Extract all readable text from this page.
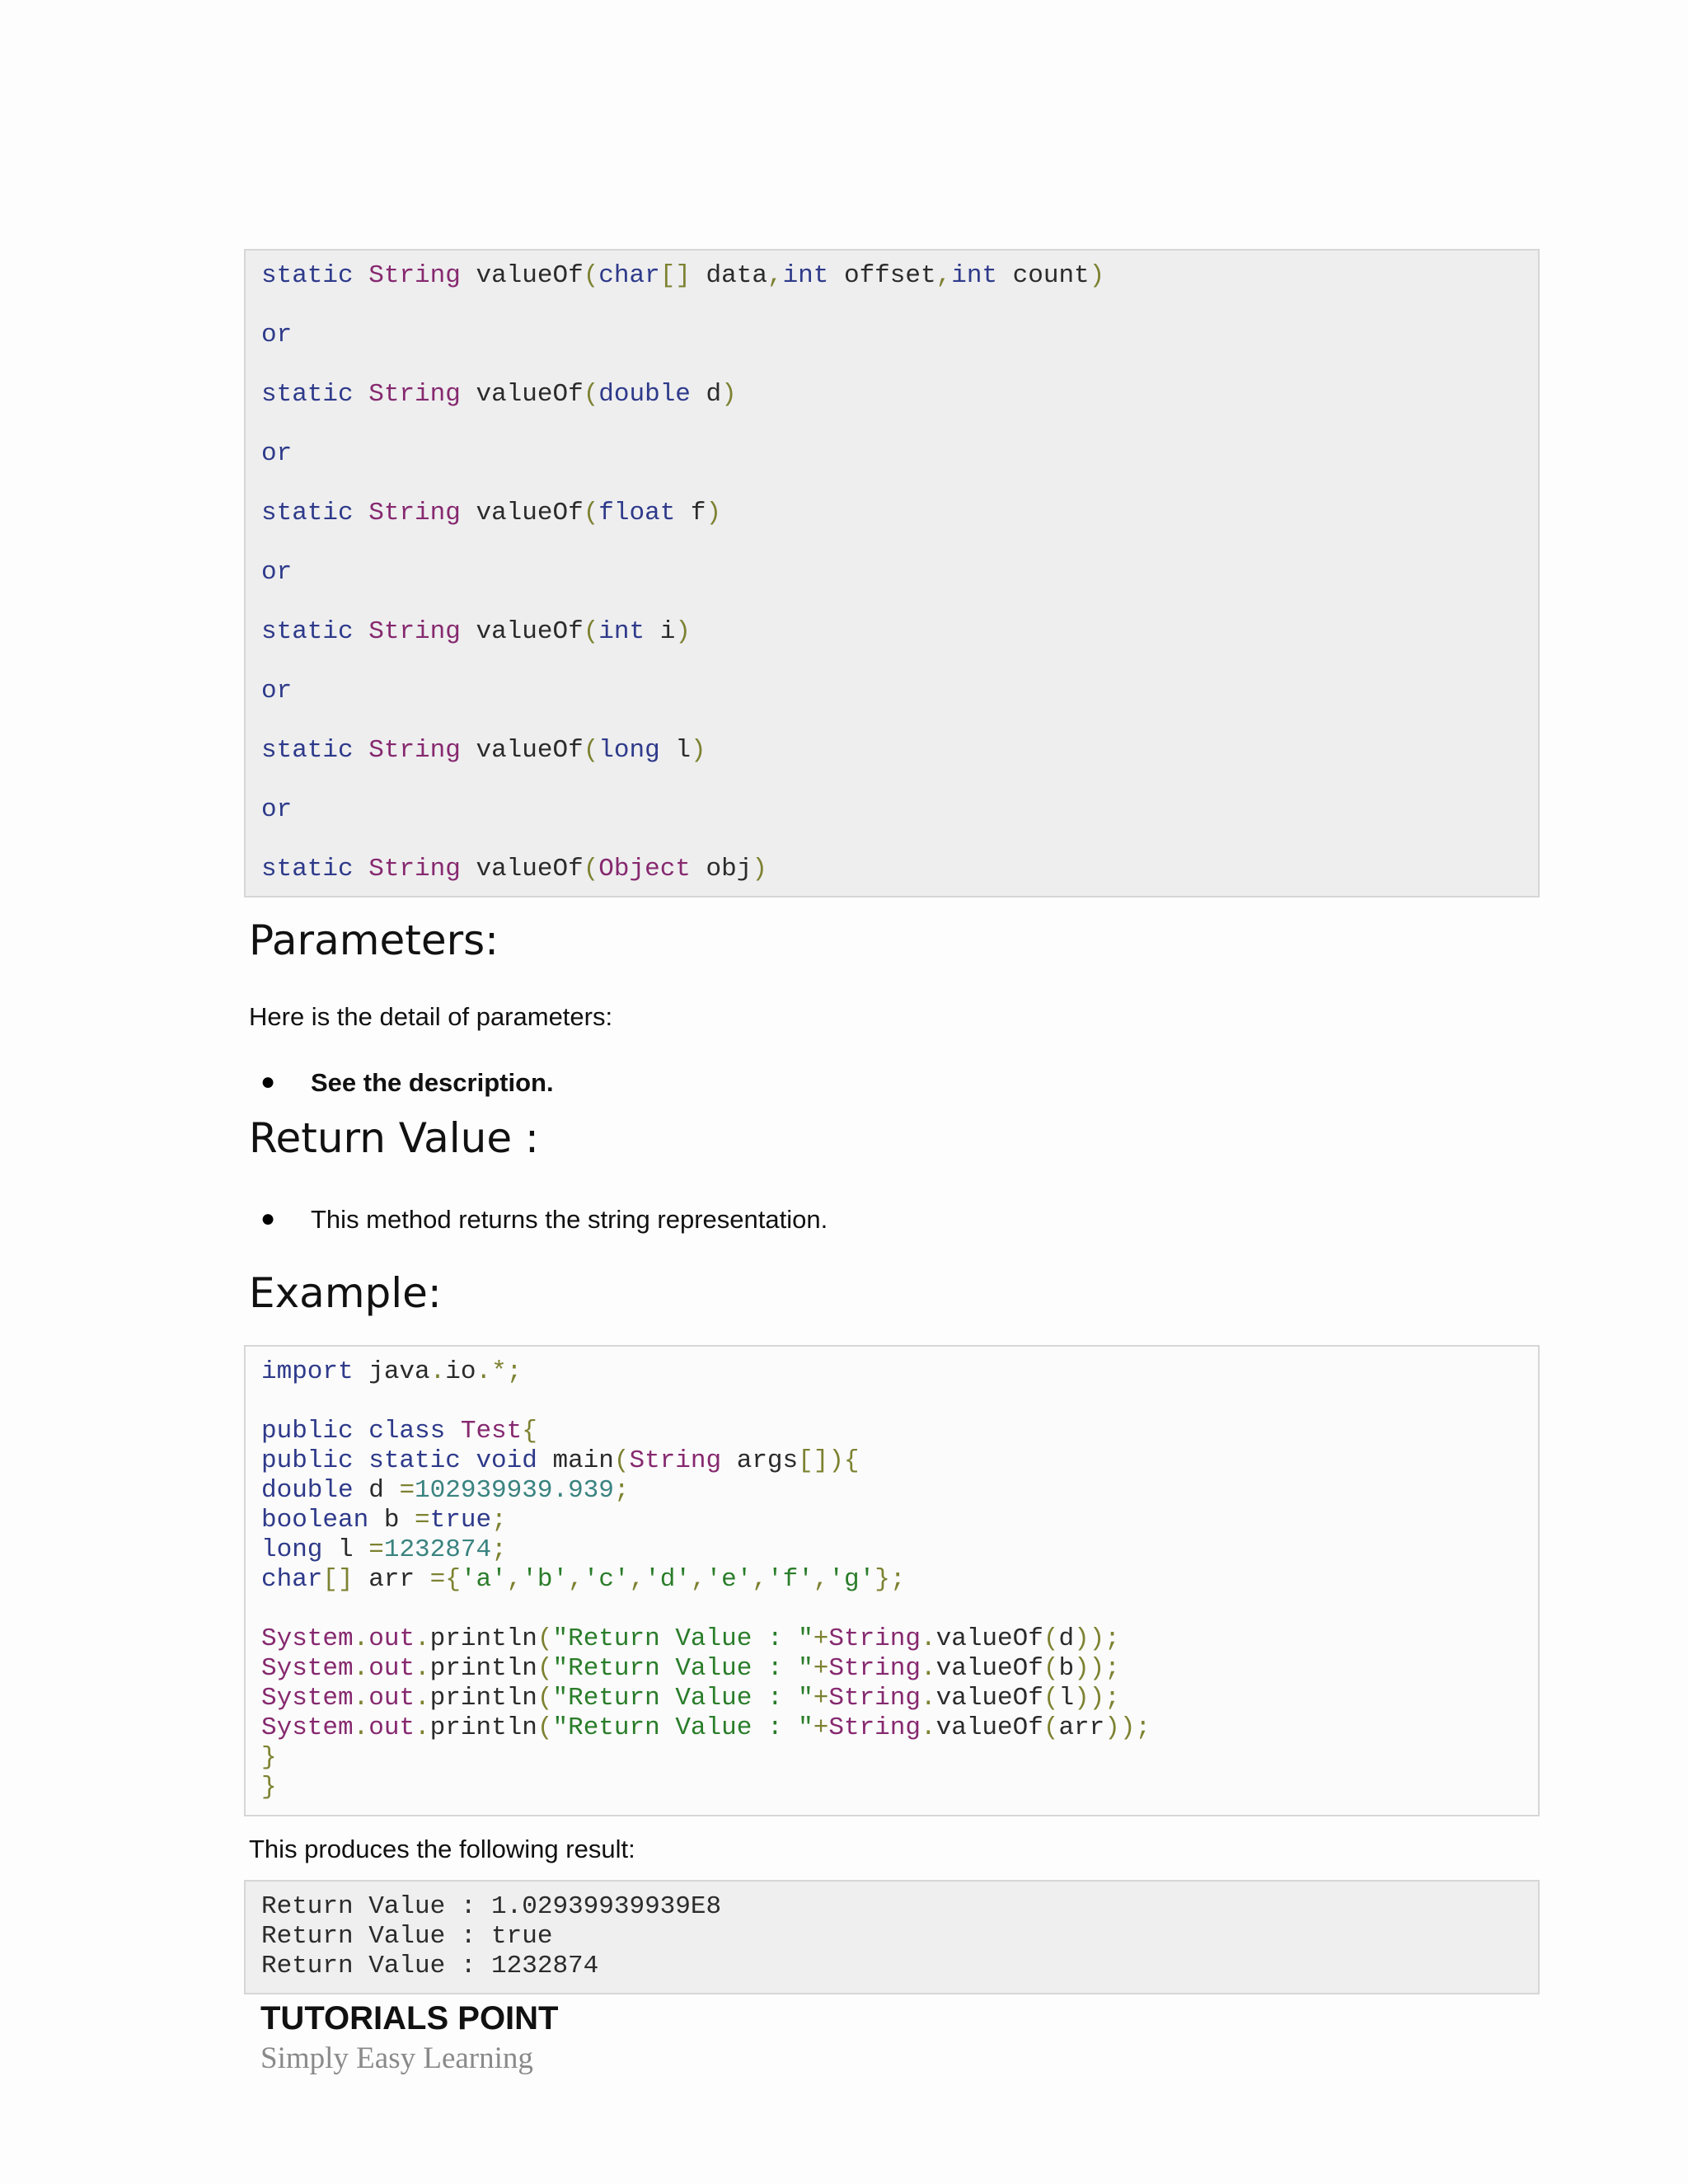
static String valueOf(char[] data,int offset,int count)
or
static String valueOf(double d)
or
static String valueOf(float f)
or
static String valueOf(int i)
or
static String valueOf(long l)
or
static String valueOf(Object obj)
Parameters:

Here is the detail of parameters:

● See the description.
Return Value :
● This method returns the string representation.
Example:
import java.io.*;
public class Test{
public static void main(String args[]){
double d =102939939.939;
boolean b =true;
long l =1232874;
char[] arr ={'a','b','c','d','e','f','g'};
System.out.println("Return Value : "+String.valueOf(d));
System.out.println("Return Value : "+String.valueOf(b));
System.out.println("Return Value : "+String.valueOf(l));
System.out.println("Return Value : "+String.valueOf(arr));
}
}

This produces the following result:

Return Value : 1.02939939939E8
Return Value : true
Return Value : 1232874
TUTORIALS POINT
Simply Easy Learning
